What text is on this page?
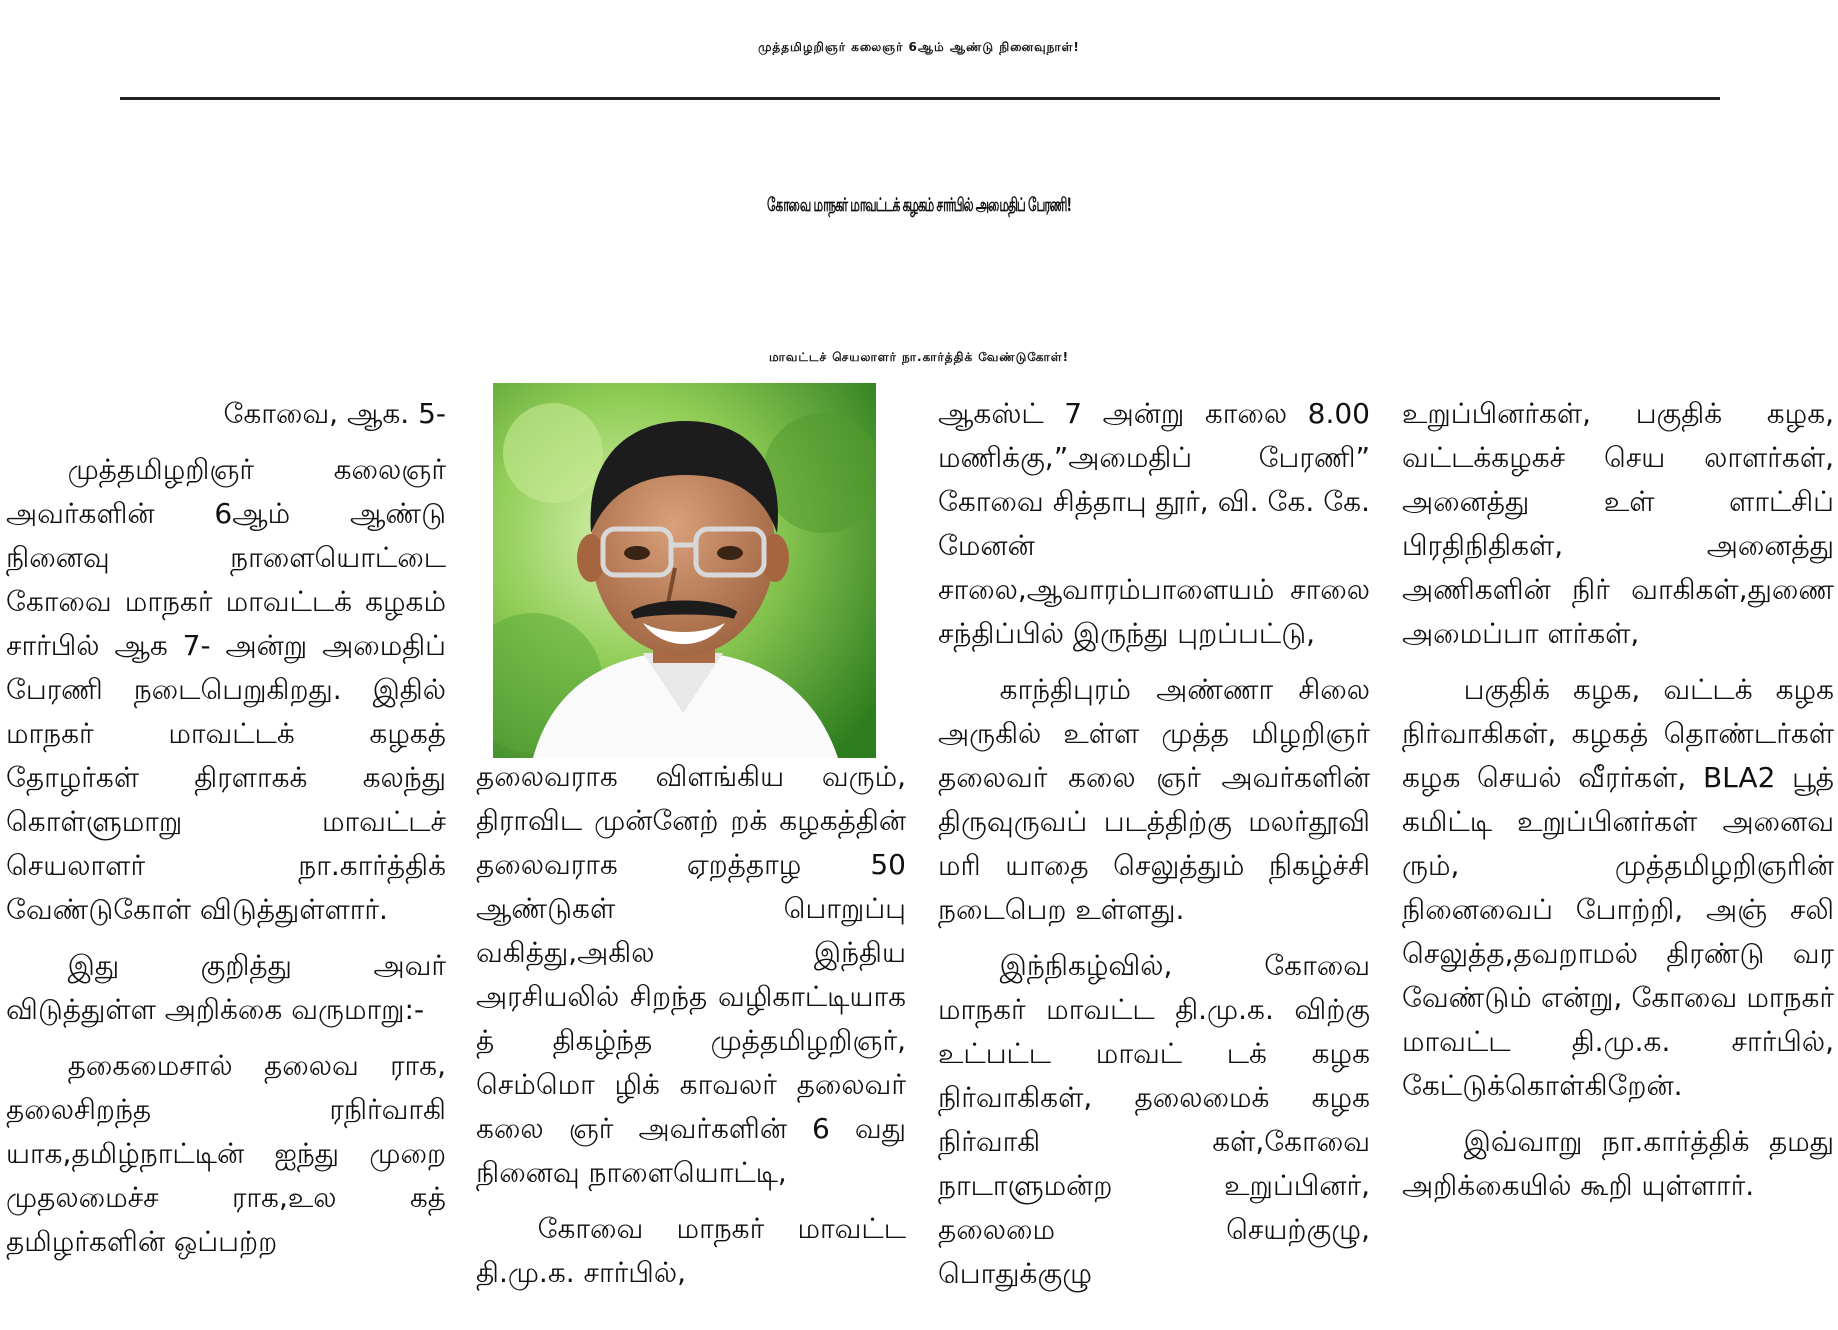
முத்தமிழறிஞர் கலைஞர் 6ஆம் ஆண்டு நினைவுநாள்!
கோவை மாநகர் மாவட்டக் கழகம் சார்பில் அமைதிப் பேரணி!
மாவட்டச் செயலாளர் நா.கார்த்திக் வேண்டுகோள்!

கோவை, ஆக. 5-

முத்தமிழறிஞர் கலைஞர் அவர்களின் 6ஆம் ஆண்டு நினைவு நாளையொட்டை கோவை மாநகர் மாவட்டக் கழகம் சார்பில் ஆக 7- அன்று அமைதிப் பேரணி நடைபெறுகிறது. இதில் மாநகர் மாவட்டக் கழகத் தோழர்கள் திரளாகக் கலந்து கொள்ளுமாறு மாவட்டச் செயலாளர் நா.கார்த்திக் வேண்டுகோள் விடுத்துள்ளார்.

இது குறித்து அவர் விடுத்துள்ள அறிக்கை வருமாறு:-

தகைமைசால் தலைவ ராக, தலைசிறந்த ரநிர்வாகி யாக,தமிழ்நாட்டின் ஐந்து முறை முதலமைச்ச ராக,உல கத் தமிழர்களின் ஒப்பற்ற

தலைவராக விளங்கிய வரும், திராவிட முன்னேற் றக் கழகத்தின் தலைவராக ஏறத்தாழ 50 ஆண்டுகள் பொறுப்பு வகித்து,அகில இந்திய அரசியலில் சிறந்த வழிகாட்டியாக த் திகழ்ந்த முத்தமிழறிஞர், செம்மொ ழிக் காவலர் தலைவர் கலை ஞர் அவர்களின் 6 வது நினைவு நாளையொட்டி,

கோவை மாநகர் மாவட்ட தி.மு.க. சார்பில்,

ஆகஸ்ட் 7 அன்று காலை 8.00 மணிக்கு,”அமைதிப் பேரணி” கோவை சித்தாபு தூர், வி. கே. கே. மேனன் சாலை,ஆவாரம்பாளையம் சாலை சந்திப்பில் இருந்து புறப்பட்டு,

காந்திபுரம் அண்ணா சிலை அருகில் உள்ள முத்த மிழறிஞர் தலைவர் கலை ஞர் அவர்களின் திருவுருவப் படத்திற்கு மலர்தூவி மரி யாதை செலுத்தும் நிகழ்ச்சி நடைபெற உள்ளது.

இந்நிகழ்வில், கோவை மாநகர் மாவட்ட தி.மு.க. விற்கு உட்பட்ட மாவட் டக் கழக நிர்வாகிகள், தலைமைக் கழக நிர்வாகி கள்,கோவை நாடாளுமன்ற உறுப்பினர், தலைமை செயற்குழு, பொதுக்குழு

உறுப்பினர்கள், பகுதிக் கழக, வட்டக்கழகச் செய லாளர்கள், அனைத்து உள் ளாட்சிப் பிரதிநிதிகள், அனைத்து அணிகளின் நிர் வாகிகள்,துணை அமைப்பா ளர்கள்,

பகுதிக் கழக, வட்டக் கழக நிர்வாகிகள், கழகத் தொண்டர்கள் கழக செயல் வீரர்கள், BLA2 பூத் கமிட்டி உறுப்பினர்கள் அனைவ ரும், முத்தமிழறிஞரின் நினைவைப் போற்றி, அஞ் சலி செலுத்த,தவறாமல் திரண்டு வர வேண்டும் என்று, கோவை மாநகர் மாவட்ட தி.மு.க. சார்பில், கேட்டுக்கொள்கிறேன்.

இவ்வாறு நா.கார்த்திக் தமது அறிக்கையில் கூறி யுள்ளார்.
